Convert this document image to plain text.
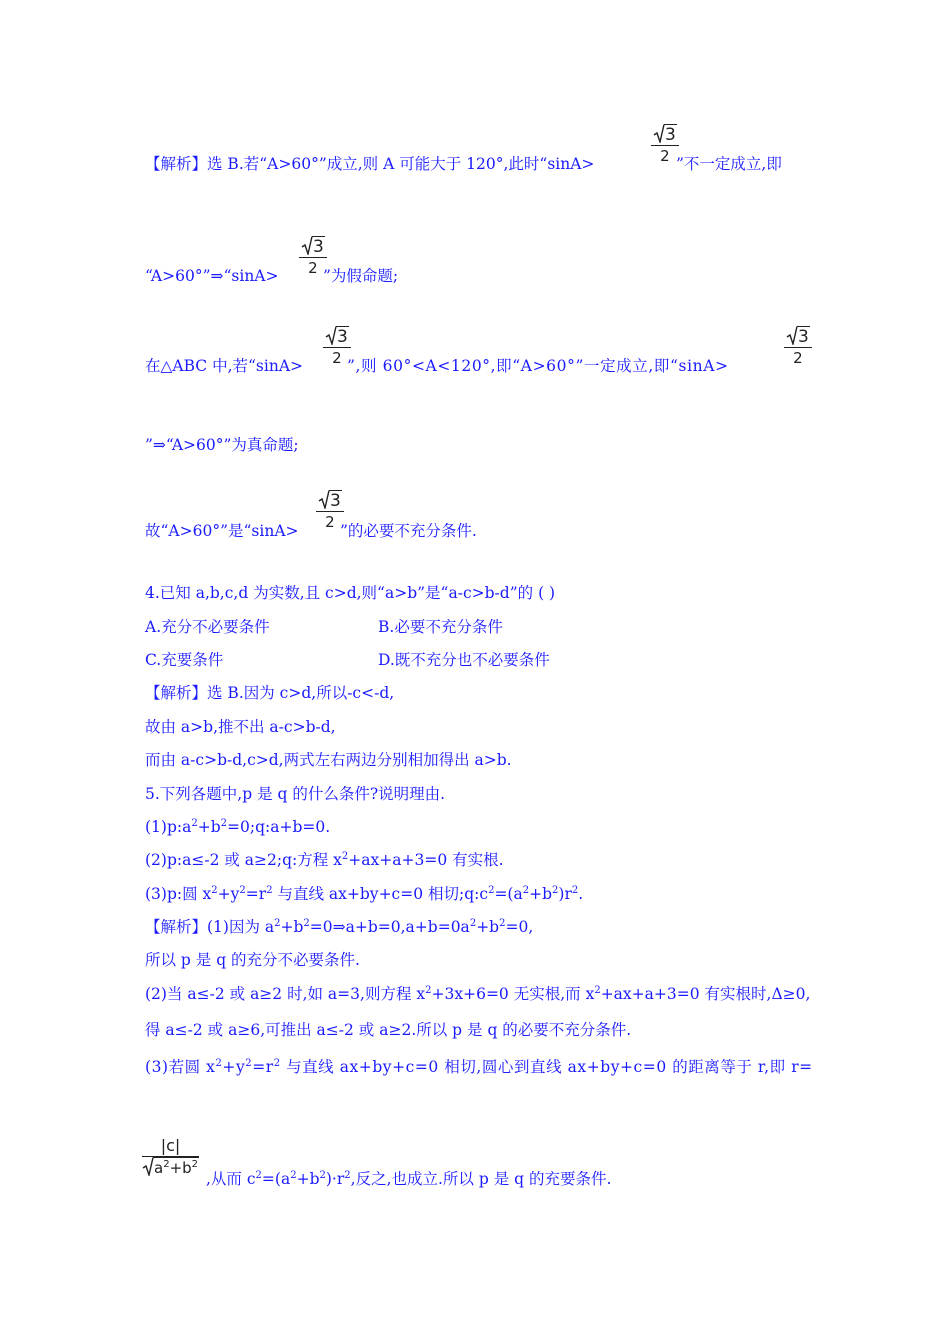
【解析】选 B.若“A>60°”成立,则 A 可能大于 120°,此时“sinA>
3
2 ”不一定成立,即
“A>60°”⇒“sinA>
3
2 ”为假命题;
在△ABC 中,若“sinA>
3
2 ”,则 60°<A<120°,即“A>60°”一定成立,即“sinA>
3
2
”⇒“A>60°”为真命题;
故“A>60°”是“sinA>
3
2 ”的必要不充分条件.
4.已知 a,b,c,d 为实数,且 c>d,则“a>b”是“a-c>b-d”的 ( )
A.充分不必要条件	B.必要不充分条件
C.充要条件	D.既不充分也不必要条件
【解析】选 B.因为 c>d,所以-c<-d,
故由 a>b,推不出 a-c>b-d,
而由 a-c>b-d,c>d,两式左右两边分别相加得出 a>b.
5.下列各题中,p 是 q 的什么条件?说明理由.
$(1)p:a^2+b^2=0;q:a+b=0$.
(2)p:a≤-2 或 a≥2;q:方程 $x^2+ax+a+3=0$ 有实根.
(3)p:圆 $x^2+y^2=r^2$ 与直线 ax+by+c=0 相切$;q:c^2=(a^2+b^2)r^2$.
【解析】(1)因为 $a^2+b^2=0\Rightarrow a+b=0,a+b=0a^2+b^2=0$,
所以 p 是 q 的充分不必要条件.
(2)当 a≤-2 或 a≥2 时,如 a=3,则方程 $x^2+3x+6=0$ 无实根,而 $x^2+ax+a+3=0$ 有实根时,Δ≥0,
得 a≤-2 或 a≥6,可推出 a≤-2 或 a≥2.所以 p 是 q 的必要不充分条件.
(3)若圆 $x^2+y^2=r^2$ 与直线 ax+by+c=0 相切,圆心到直线 ax+by+c=0 的距离等于 r,即 r=
|c|
$a^2+b^2$
,从而 $c^2=(a^2+b^2)\cdot r^2$,反之,也成立.所以 p 是 q 的充要条件.
